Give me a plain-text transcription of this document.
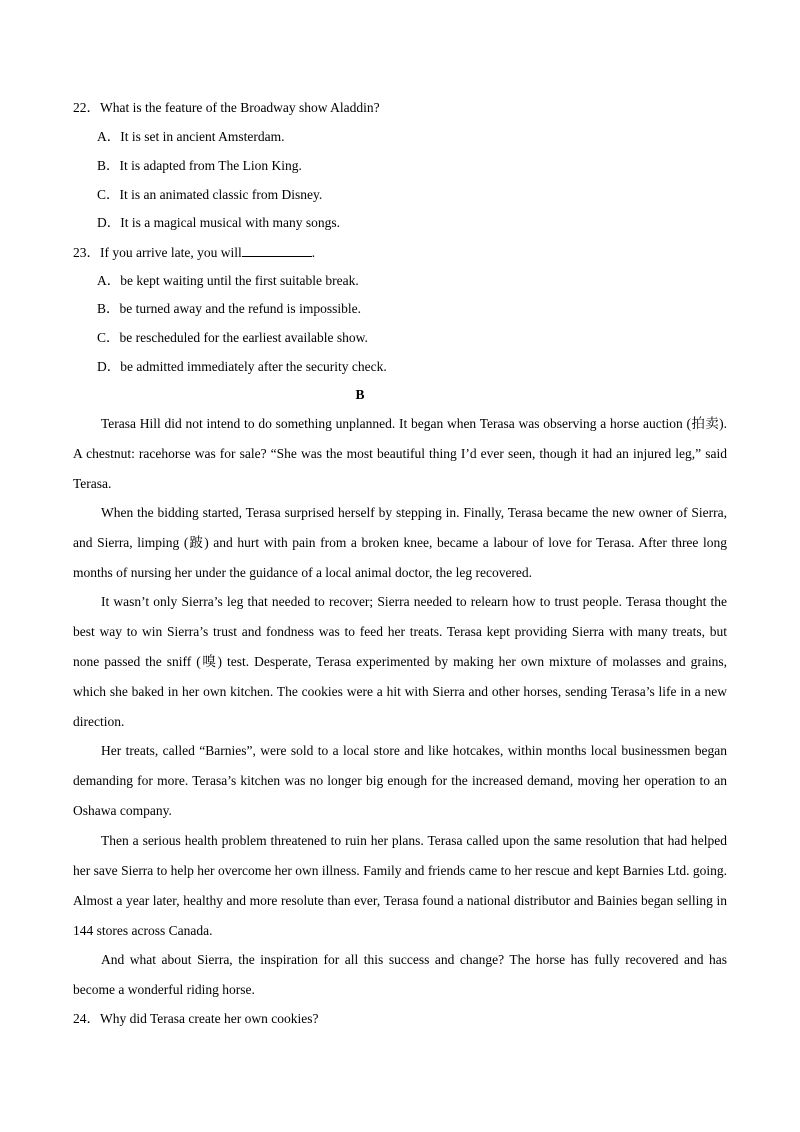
22．What is the feature of the Broadway show Aladdin?
A．It is set in ancient Amsterdam.
B．It is adapted from The Lion King.
C．It is an animated classic from Disney.
D．It is a magical musical with many songs.
23．If you arrive late, you will	.
A．be kept waiting until the first suitable break.
B．be turned away and the refund is impossible.
C．be rescheduled for the earliest available show.
D．be admitted immediately after the security check.
B

Terasa Hill did not intend to do something unplanned. It began when Terasa was observing a horse auction (拍卖). A chestnut: racehorse was for sale? “She was the most beautiful thing I’d ever seen, though it had an injured leg,” said Terasa.

When the bidding started, Terasa surprised herself by stepping in. Finally, Terasa became the new owner of Sierra, and Sierra, limping (跛) and hurt with pain from a broken knee, became a labour of love for Terasa. After three long months of nursing her under the guidance of a local animal doctor, the leg recovered.

It wasn’t only Sierra’s leg that needed to recover; Sierra needed to relearn how to trust people. Terasa thought the best way to win Sierra’s trust and fondness was to feed her treats. Terasa kept providing Sierra with many treats, but none passed the sniff (嗅) test. Desperate, Terasa experimented by making her own mixture of molasses and grains, which she baked in her own kitchen. The cookies were a hit with Sierra and other horses, sending Terasa’s life in a new direction.

Her treats, called “Barnies”, were sold to a local store and like hotcakes, within months local businessmen began demanding for more. Terasa’s kitchen was no longer big enough for the increased demand, moving her operation to an Oshawa company.

Then a serious health problem threatened to ruin her plans. Terasa called upon the same resolution that had helped her save Sierra to help her overcome her own illness. Family and friends came to her rescue and kept Barnies Ltd. going. Almost a year later, healthy and more resolute than ever, Terasa found a national distributor and Bainies began selling in 144 stores across Canada.

And what about Sierra, the inspiration for all this success and change? The horse has fully recovered and has become a wonderful riding horse.

24．Why did Terasa create her own cookies?
